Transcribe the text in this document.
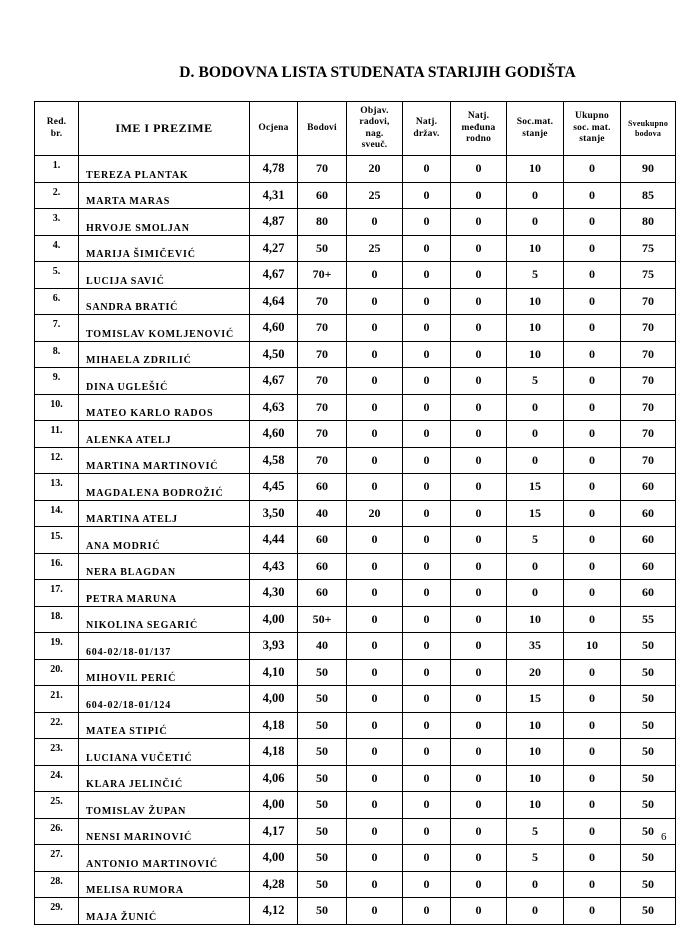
D. BODOVNA LISTA STUDENATA STARIJIH GODIŠTA
Red.
br.	IME I PREZIME	Ocjena	Bodovi	Objav.
radovi,
nag.
sveuč.	Natj.
držav.	Natj.
međuna
rodno	Soc.mat.
stanje	Ukupno
soc. mat.
stanje	Sveukupno
bodova
1.	TEREZA PLANTAK	4,78	70	20	0	0	10	0	90
2.	MARTA MARAS	4,31	60	25	0	0	0	0	85
3.	HRVOJE SMOLJAN	4,87	80	0	0	0	0	0	80
4.	MARIJA ŠIMIČEVIĆ	4,27	50	25	0	0	10	0	75
5.	LUCIJA SAVIĆ	4,67	70+	0	0	0	5	0	75
6.	SANDRA BRATIĆ	4,64	70	0	0	0	10	0	70
7.	TOMISLAV KOMLJENOVIĆ	4,60	70	0	0	0	10	0	70
8.	MIHAELA ZDRILIĆ	4,50	70	0	0	0	10	0	70
9.	DINA UGLEŠIĆ	4,67	70	0	0	0	5	0	70
10.	MATEO KARLO RADOS	4,63	70	0	0	0	0	0	70
11.	ALENKA ATELJ	4,60	70	0	0	0	0	0	70
12.	MARTINA MARTINOVIĆ	4,58	70	0	0	0	0	0	70
13.	MAGDALENA BODROŽIĆ	4,45	60	0	0	0	15	0	60
14.	MARTINA ATELJ	3,50	40	20	0	0	15	0	60
15.	ANA MODRIĆ	4,44	60	0	0	0	5	0	60
16.	NERA BLAGDAN	4,43	60	0	0	0	0	0	60
17.	PETRA MARUNA	4,30	60	0	0	0	0	0	60
18.	NIKOLINA SEGARIĆ	4,00	50+	0	0	0	10	0	55
19.	604-02/18-01/137	3,93	40	0	0	0	35	10	50
20.	MIHOVIL PERIĆ	4,10	50	0	0	0	20	0	50
21.	604-02/18-01/124	4,00	50	0	0	0	15	0	50
22.	MATEA STIPIĆ	4,18	50	0	0	0	10	0	50
23.	LUCIANA VUČETIĆ	4,18	50	0	0	0	10	0	50
24.	KLARA JELINČIĆ	4,06	50	0	0	0	10	0	50
25.	TOMISLAV ŽUPAN	4,00	50	0	0	0	10	0	50
26.	NENSI MARINOVIĆ	4,17	50	0	0	0	5	0	50
27.	ANTONIO MARTINOVIĆ	4,00	50	0	0	0	5	0	50
28.	MELISA RUMORA	4,28	50	0	0	0	0	0	50
29.	MAJA ŽUNIĆ	4,12	50	0	0	0	0	0	50
6
